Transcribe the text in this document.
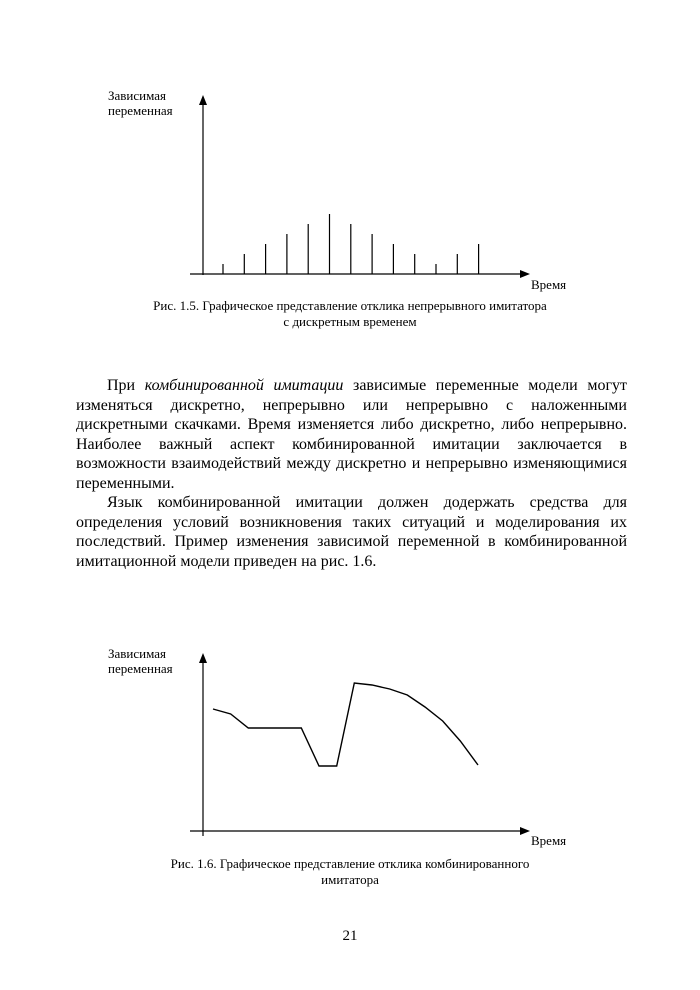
Зависимая
переменная
Время
Рис. 1.5. Графическое представление отклика непрерывного имитатора
с дискретным временем

При комбинированной имитации зависимые переменные модели могут изменяться дискретно, непрерывно или непрерывно с наложенными дискретными скачками. Время изменяется либо дискретно, либо непрерывно. Наиболее важный аспект комбинированной имитации заключается в возможности взаимодействий между дискретно и непрерывно изменяющимися переменными.

Язык комбинированной имитации должен додержать средства для определения условий возникновения таких ситуаций и моделирования их последствий. Пример изменения зависимой переменной в комбинированной имитационной модели приведен на рис. 1.6.

Зависимая
переменная
Время
Рис. 1.6. Графическое представление отклика комбинированного
имитатора
21
